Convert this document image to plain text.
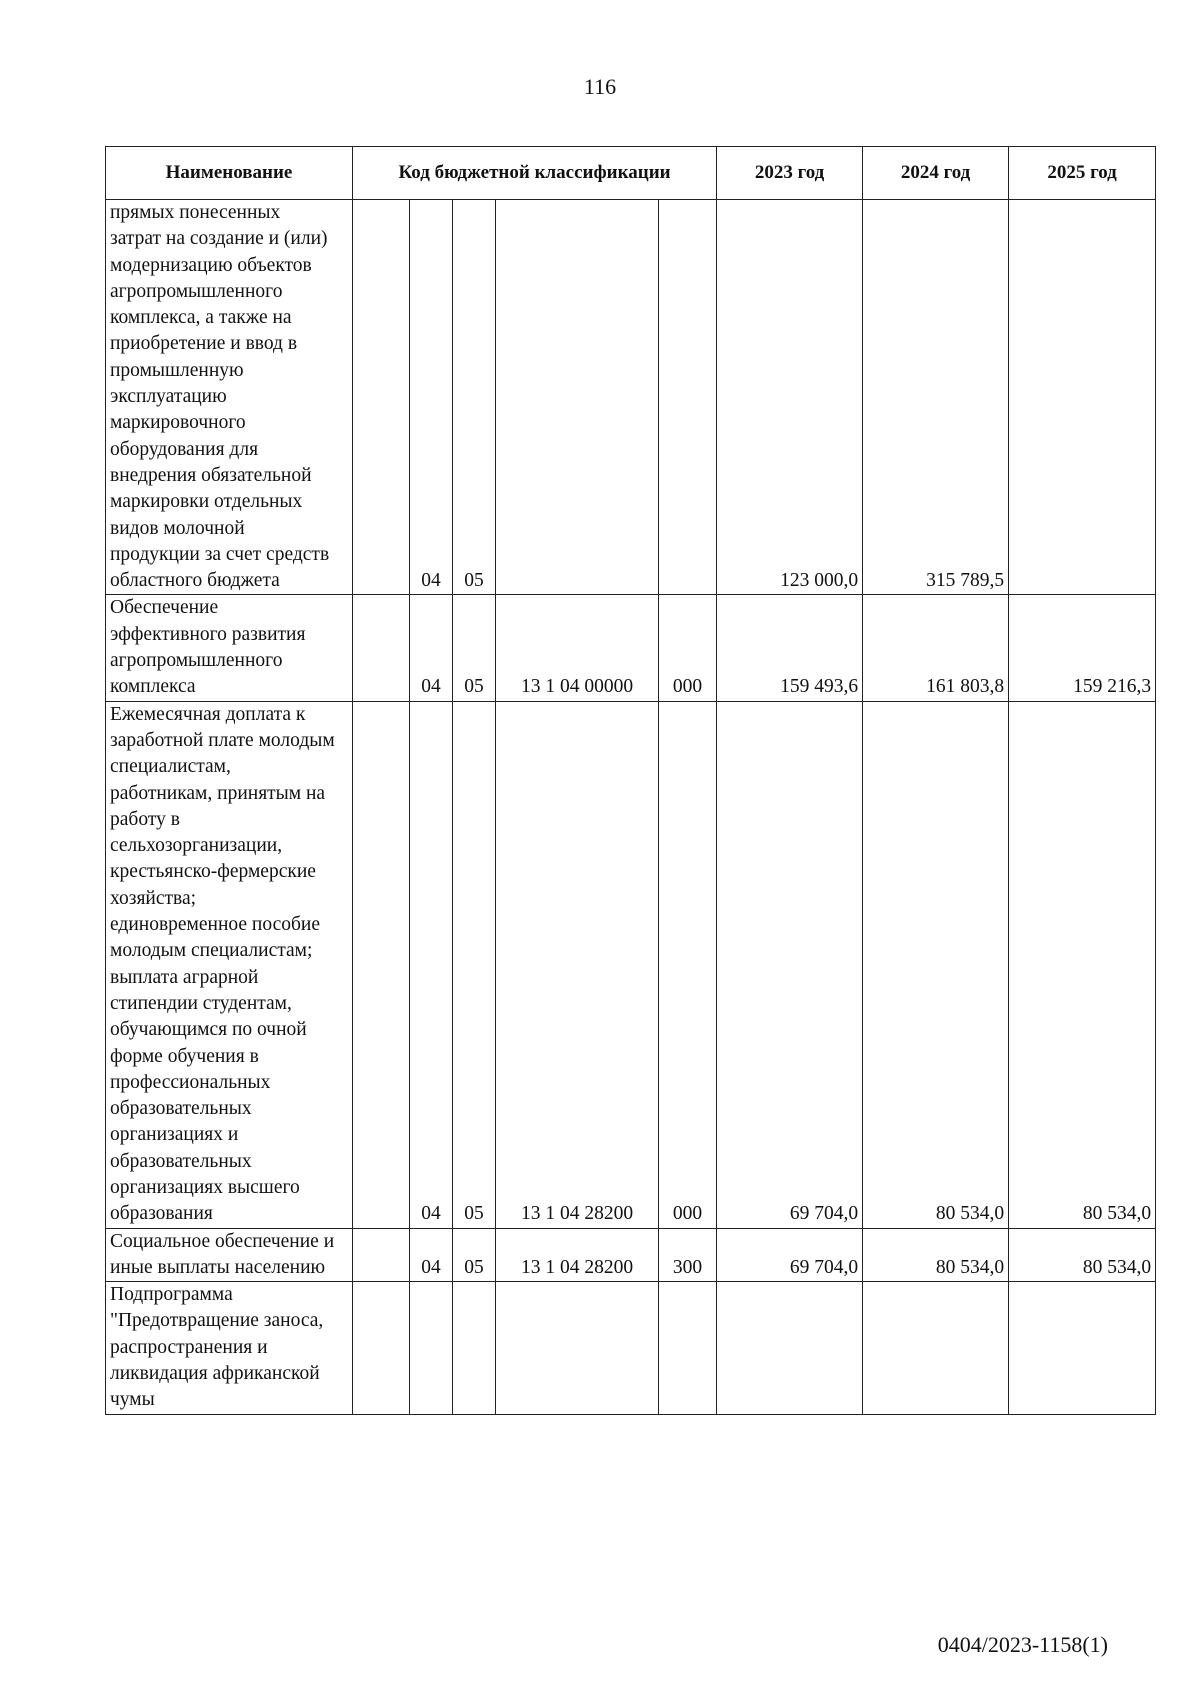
116
Наименование	Код бюджетной классификации					2023 год	2024 год	2025 год

прямых понесенных затрат на создание и (или) модернизацию объектов агропромышленного комплекса, а также на приобретение и ввод в промышленную эксплуатацию маркировочного оборудования для внедрения обязательной маркировки отдельных видов молочной продукции за счет средств областного бюджета		04	05			123 000,0	315 789,5	

Обеспечение эффективного развития агропромышленного комплекса		04	05	13 1 04 00000	000	159 493,6	161 803,8	159 216,3

Ежемесячная доплата к заработной плате молодым специалистам, работникам, принятым на работу в сельхозорганизации, крестьянско-фермерские хозяйства; единовременное пособие молодым специалистам; выплата аграрной стипендии студентам, обучающимся по очной форме обучения в профессиональных образовательных организациях и образовательных организациях высшего образования		04	05	13 1 04 28200	000	69 704,0	80 534,0	80 534,0

Социальное обеспечение и иные выплаты населению		04	05	13 1 04 28200	300	69 704,0	80 534,0	80 534,0

Подпрограмма "Предотвращение заноса, распространения и ликвидация африканской чумы								

0404/2023-1158(1)
